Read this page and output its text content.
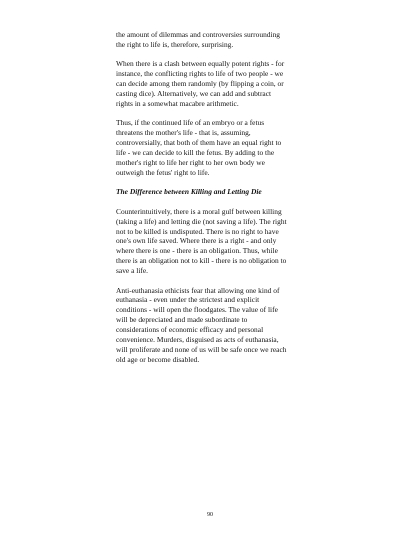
the amount of dilemmas and controversies surrounding
the right to life is, therefore, surprising.

When there is a clash between equally potent rights - for
instance, the conflicting rights to life of two people - we
can decide among them randomly (by flipping a coin, or
casting dice). Alternatively, we can add and subtract
rights in a somewhat macabre arithmetic.

Thus, if the continued life of an embryo or a fetus
threatens the mother's life - that is, assuming,
controversially, that both of them have an equal right to
life - we can decide to kill the fetus. By adding to the
mother's right to life her right to her own body we
outweigh the fetus' right to life.

The Difference between Killing and Letting Die

Counterintuitively, there is a moral gulf between killing
(taking a life) and letting die (not saving a life). The right
not to be killed is undisputed. There is no right to have
one's own life saved. Where there is a right - and only
where there is one - there is an obligation. Thus, while
there is an obligation not to kill - there is no obligation to
save a life.

Anti-euthanasia ethicists fear that allowing one kind of
euthanasia - even under the strictest and explicit
conditions - will open the floodgates. The value of life
will be depreciated and made subordinate to
considerations of economic efficacy and personal
convenience. Murders, disguised as acts of euthanasia,
will proliferate and none of us will be safe once we reach
old age or become disabled.

90
